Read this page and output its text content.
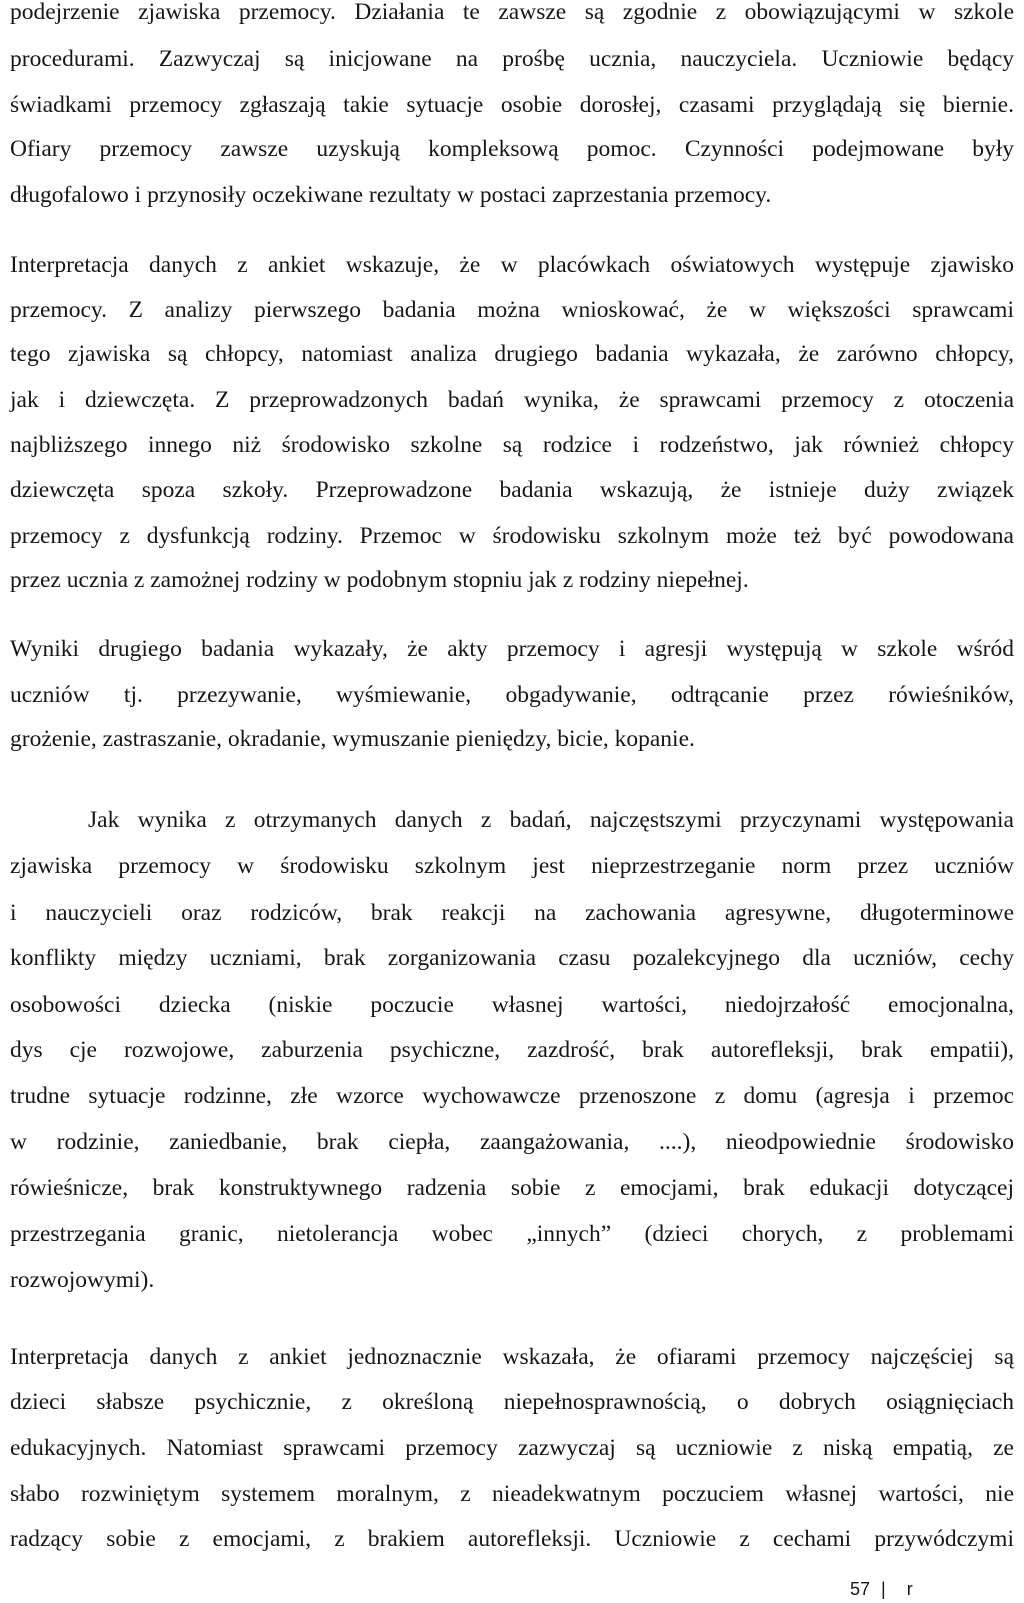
podejrzenie zjawiska przemocy. Działania te zawsze są zgodnie z obowiązującymi w szkole
procedurami. Zazwyczaj są inicjowane na prośbę ucznia, nauczyciela. Uczniowie będący
świadkami przemocy zgłaszają takie sytuacje osobie dorosłej, czasami przyglądają się biernie.
Ofiary przemocy zawsze uzyskują kompleksową pomoc. Czynności podejmowane były
długofalowo i przynosiły oczekiwane rezultaty w postaci zaprzestania przemocy.
Interpretacja danych z ankiet wskazuje, że w placówkach oświatowych występuje zjawisko
przemocy. Z analizy pierwszego badania można wnioskować, że w większości sprawcami
tego zjawiska są chłopcy, natomiast analiza drugiego badania wykazała, że zarówno chłopcy,
jak i dziewczęta. Z przeprowadzonych badań wynika, że sprawcami przemocy z otoczenia
najbliższego innego niż środowisko szkolne są rodzice i rodzeństwo, jak również chłopcy
dziewczęta spoza szkoły. Przeprowadzone badania wskazują, że istnieje duży związek
przemocy z dysfunkcją rodziny. Przemoc w środowisku szkolnym może też być powodowana
przez ucznia z zamożnej rodziny w podobnym stopniu jak z rodziny niepełnej.
Wyniki drugiego badania wykazały, że akty przemocy i agresji występują w szkole wśród
uczniów tj. przezywanie, wyśmiewanie, obgadywanie, odtrącanie przez rówieśników,
grożenie, zastraszanie, okradanie, wymuszanie pieniędzy, bicie, kopanie.
Jak wynika z otrzymanych danych z badań, najczęstszymi przyczynami występowania
zjawiska przemocy w środowisku szkolnym jest nieprzestrzeganie norm przez uczniów
i nauczycieli oraz rodziców, brak reakcji na zachowania agresywne, długoterminowe
konflikty między uczniami, brak zorganizowania czasu pozalekcyjnego dla uczniów, cechy
osobowości dziecka (niskie poczucie własnej wartości, niedojrzałość emocjonalna,
dys cje rozwojowe, zaburzenia psychiczne, zazdrość, brak autorefleksji, brak empatii),
trudne sytuacje rodzinne, złe wzorce wychowawcze przenoszone z domu (agresja i przemoc
w rodzinie, zaniedbanie, brak ciepła, zaangażowania, ....), nieodpowiednie środowisko
rówieśnicze, brak konstruktywnego radzenia sobie z emocjami, brak edukacji dotyczącej
przestrzegania granic, nietolerancja wobec „innych” (dzieci chorych, z problemami
rozwojowymi).
Interpretacja danych z ankiet jednoznacznie wskazała, że ofiarami przemocy najczęściej są
dzieci słabsze psychicznie, z określoną niepełnosprawnością, o dobrych osiągnięciach
edukacyjnych. Natomiast sprawcami przemocy zazwyczaj są uczniowie z niską empatią, ze
słabo rozwiniętym systemem moralnym, z nieadekwatnym poczuciem własnej wartości, nie
radzący sobie z emocjami, z brakiem autorefleksji. Uczniowie z cechami przywódczymi
57 | r
